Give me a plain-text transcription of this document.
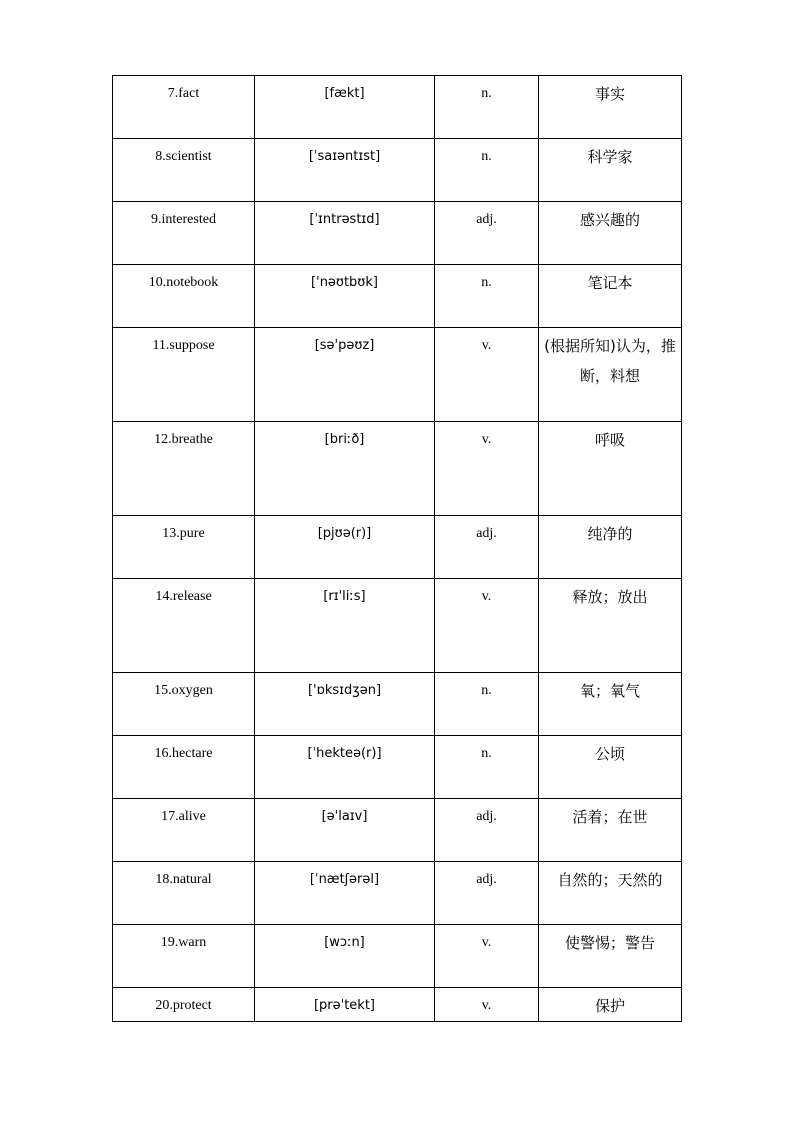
7.fact	[fækt]	n.	事实
8.scientist	[ˈsaɪəntɪst]	n.	科学家
9.interested	[ˈɪntrəstɪd]	adj.	感兴趣的
10.notebook	['nəʊtbʊk]	n.	笔记本
11.suppose	[sə'pəʊz]	v.	(根据所知)认为，推断，料想
12.breathe	[briːð]	v.	呼吸
13.pure	[pjʊə(r)]	adj.	纯净的
14.release	[rɪ'liːs]	v.	释放；放出
15.oxygen	['ɒksɪdʒən]	n.	氧；氧气
16.hectare	[ˈhekteə(r)]	n.	公顷
17.alive	[ə'laɪv]	adj.	活着；在世
18.natural	[ˈnætʃərəl]	adj.	自然的；天然的
19.warn	[wɔːn]	v.	使警惕；警告
20.protect	[prəˈtekt]	v.	保护
